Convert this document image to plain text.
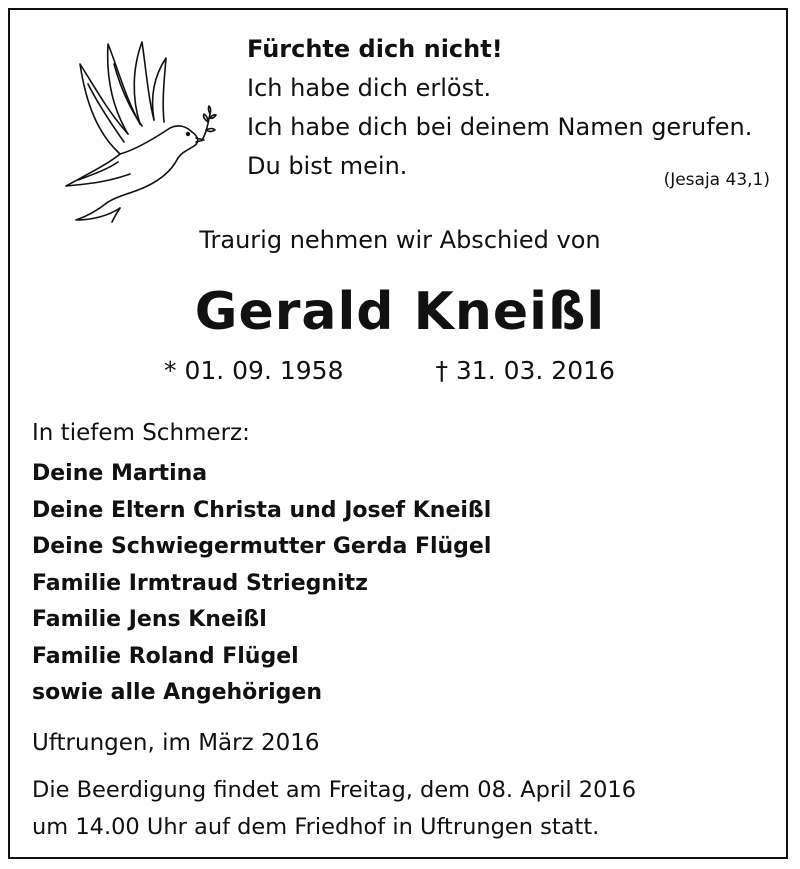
Fürchte dich nicht!
Ich habe dich erlöst.
Ich habe dich bei deinem Namen gerufen.
Du bist mein.	(Jesaja 43,1)
Traurig nehmen wir Abschied von
Gerald Kneißl
* 01. 09. 1958	† 31. 03. 2016
In tiefem Schmerz:
Deine Martina
Deine Eltern Christa und Josef Kneißl
Deine Schwiegermutter Gerda Flügel
Familie Irmtraud Striegnitz
Familie Jens Kneißl
Familie Roland Flügel
sowie alle Angehörigen
Uftrungen, im März 2016
Die Beerdigung findet am Freitag, dem 08. April 2016
um 14.00 Uhr auf dem Friedhof in Uftrungen statt.
